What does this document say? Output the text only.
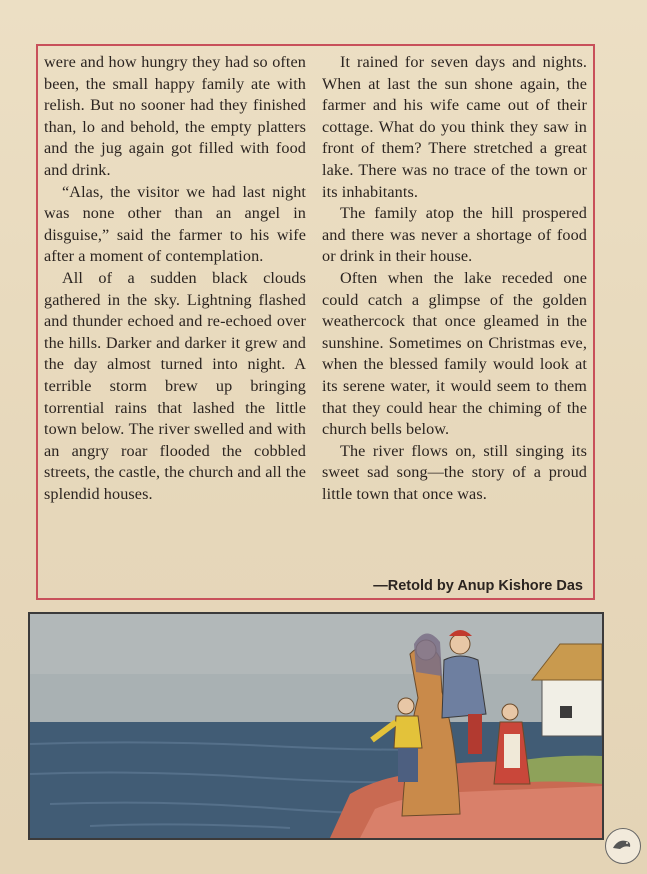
were and how hungry they had so often been, the small happy family ate with relish. But no sooner had they finished than, lo and behold, the empty platters and the jug again got filled with food and drink.

“Alas, the visitor we had last night was none other than an angel in disguise,” said the farmer to his wife after a moment of contemplation.

All of a sudden black clouds gathered in the sky. Lightning flashed and thunder echoed and re-echoed over the hills. Darker and darker it grew and the day almost turned into night. A terrible storm brew up bringing torrential rains that lashed the little town below. The river swelled and with an angry roar flooded the cobbled streets, the castle, the church and all the splendid houses.

It rained for seven days and nights. When at last the sun shone again, the farmer and his wife came out of their cottage. What do you think they saw in front of them? There stretched a great lake. There was no trace of the town or its inhabitants.

The family atop the hill prospered and there was never a shortage of food or drink in their house.

Often when the lake receded one could catch a glimpse of the golden weathercock that once gleamed in the sunshine. Sometimes on Christmas eve, when the blessed family would look at its serene water, it would seem to them that they could hear the chiming of the church bells below.

The river flows on, still singing its sweet sad song—the story of a proud little town that once was.

—Retold by Anup Kishore Das
